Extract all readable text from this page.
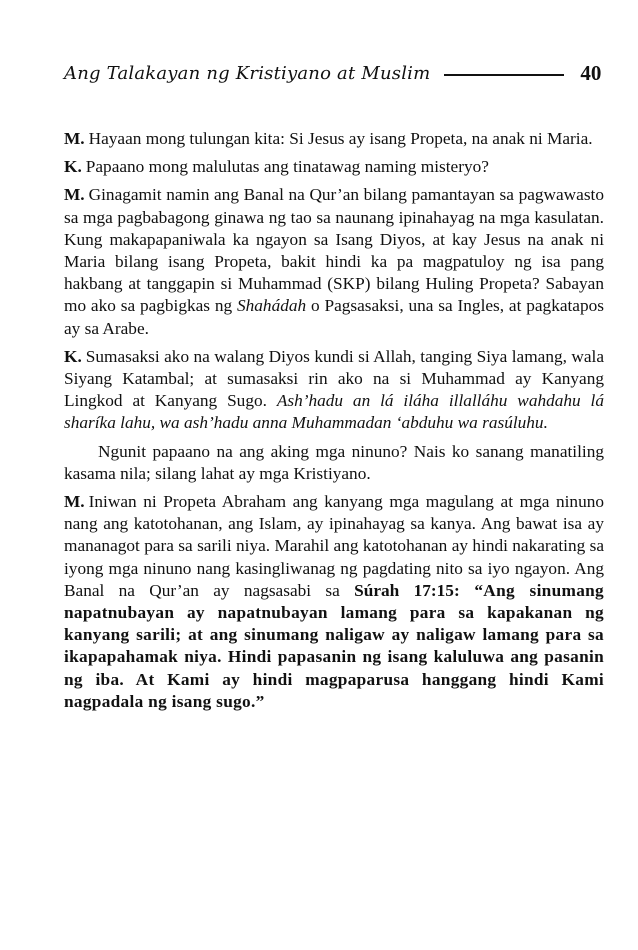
Ang Talakayan ng Kristiyano at Muslim	40

M. Hayaan mong tulungan kita: Si Jesus ay isang Propeta, na anak ni Maria.

K. Papaano mong malulutas ang tinatawag naming misteryo?

M. Ginagamit namin ang Banal na Qur’an bilang pamantayan sa pagwawasto sa mga pagbabagong ginawa ng tao sa naunang ipinahayag na mga kasulatan. Kung makapapaniwala ka ngayon sa Isang Diyos, at kay Jesus na anak ni Maria bilang isang Propeta, bakit hindi ka pa magpatuloy ng isa pang hakbang at tanggapin si Muhammad (SKP) bilang Huling Propeta? Sabayan mo ako sa pagbigkas ng Shahádah o Pagsasaksi, una sa Ingles, at pagkatapos ay sa Arabe.

K. Sumasaksi ako na walang Diyos kundi si Allah, tanging Siya lamang, wala Siyang Katambal; at sumasaksi rin ako na si Muhammad ay Kanyang Lingkod at Kanyang Sugo. Ash’hadu an lá iláha illalláhu wahdahu lá sharíka lahu, wa ash’hadu anna Muhammadan ‘abduhu wa rasúluhu.

Ngunit papaano na ang aking mga ninuno? Nais ko sanang manatiling kasama nila; silang lahat ay mga Kristiyano.

M. Iniwan ni Propeta Abraham ang kanyang mga magulang at mga ninuno nang ang katotohanan, ang Islam, ay ipinahayag sa kanya. Ang bawat isa ay mananagot para sa sarili niya. Marahil ang katotohanan ay hindi nakarating sa iyong mga ninuno nang kasingliwanag ng pagdating nito sa iyo ngayon. Ang Banal na Qur’an ay nagsasabi sa Súrah 17:15: “Ang sinumang napatnubayan ay napatnubayan lamang para sa kapakanan ng kanyang sarili; at ang sinumang naligaw ay naligaw lamang para sa ikapapahamak niya. Hindi papasanin ng isang kaluluwa ang pasanin ng iba. At Kami ay hindi magpaparusa hanggang hindi Kami nagpadala ng isang sugo.”
